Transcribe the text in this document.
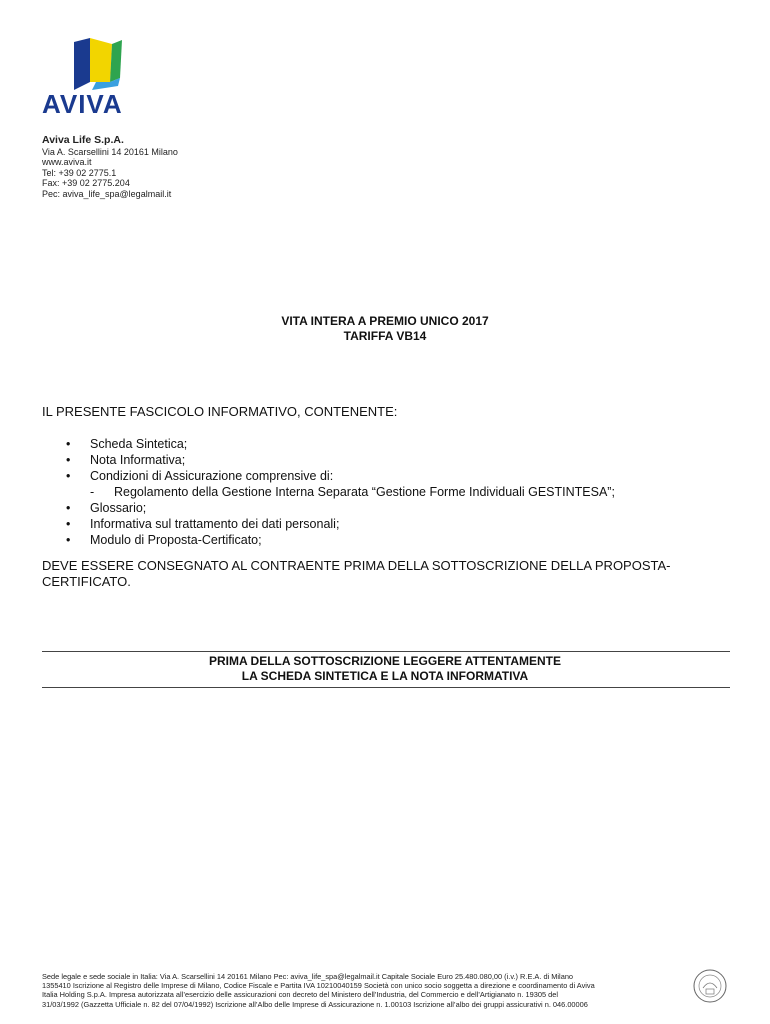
AVIVA
Aviva Life S.p.A.
Via A. Scarsellini 14 20161 Milano
www.aviva.it
Tel: +39 02 2775.1
Fax: +39 02 2775.204
Pec: aviva_life_spa@legalmail.it
VITA INTERA A PREMIO UNICO 2017
TARIFFA VB14
IL PRESENTE FASCICOLO INFORMATIVO, CONTENENTE:
• Scheda Sintetica;
• Nota Informativa;
• Condizioni di Assicurazione comprensive di:
- Regolamento della Gestione Interna Separata “Gestione Forme Individuali GESTINTESA”;
• Glossario;
• Informativa sul trattamento dei dati personali;
• Modulo di Proposta-Certificato;
DEVE ESSERE CONSEGNATO AL CONTRAENTE PRIMA DELLA SOTTOSCRIZIONE DELLA PROPOSTA-CERTIFICATO.
PRIMA DELLA SOTTOSCRIZIONE LEGGERE ATTENTAMENTE
LA SCHEDA SINTETICA E LA NOTA INFORMATIVA
Sede legale e sede sociale in Italia: Via A. Scarsellini 14 20161 Milano Pec: aviva_life_spa@legalmail.it Capitale Sociale Euro 25.480.080,00 (i.v.) R.E.A. di Milano
1355410 Iscrizione al Registro delle Imprese di Milano, Codice Fiscale e Partita IVA 10210040159 Società con unico socio soggetta a direzione e coordinamento di Aviva
Italia Holding S.p.A. Impresa autorizzata all’esercizio delle assicurazioni con decreto del Ministero dell’Industria, del Commercio e dell’Artigianato n. 19305 del
31/03/1992 (Gazzetta Ufficiale n. 82 del 07/04/1992) Iscrizione all’Albo delle Imprese di Assicurazione n. 1.00103 Iscrizione all’albo dei gruppi assicurativi n. 046.00006
